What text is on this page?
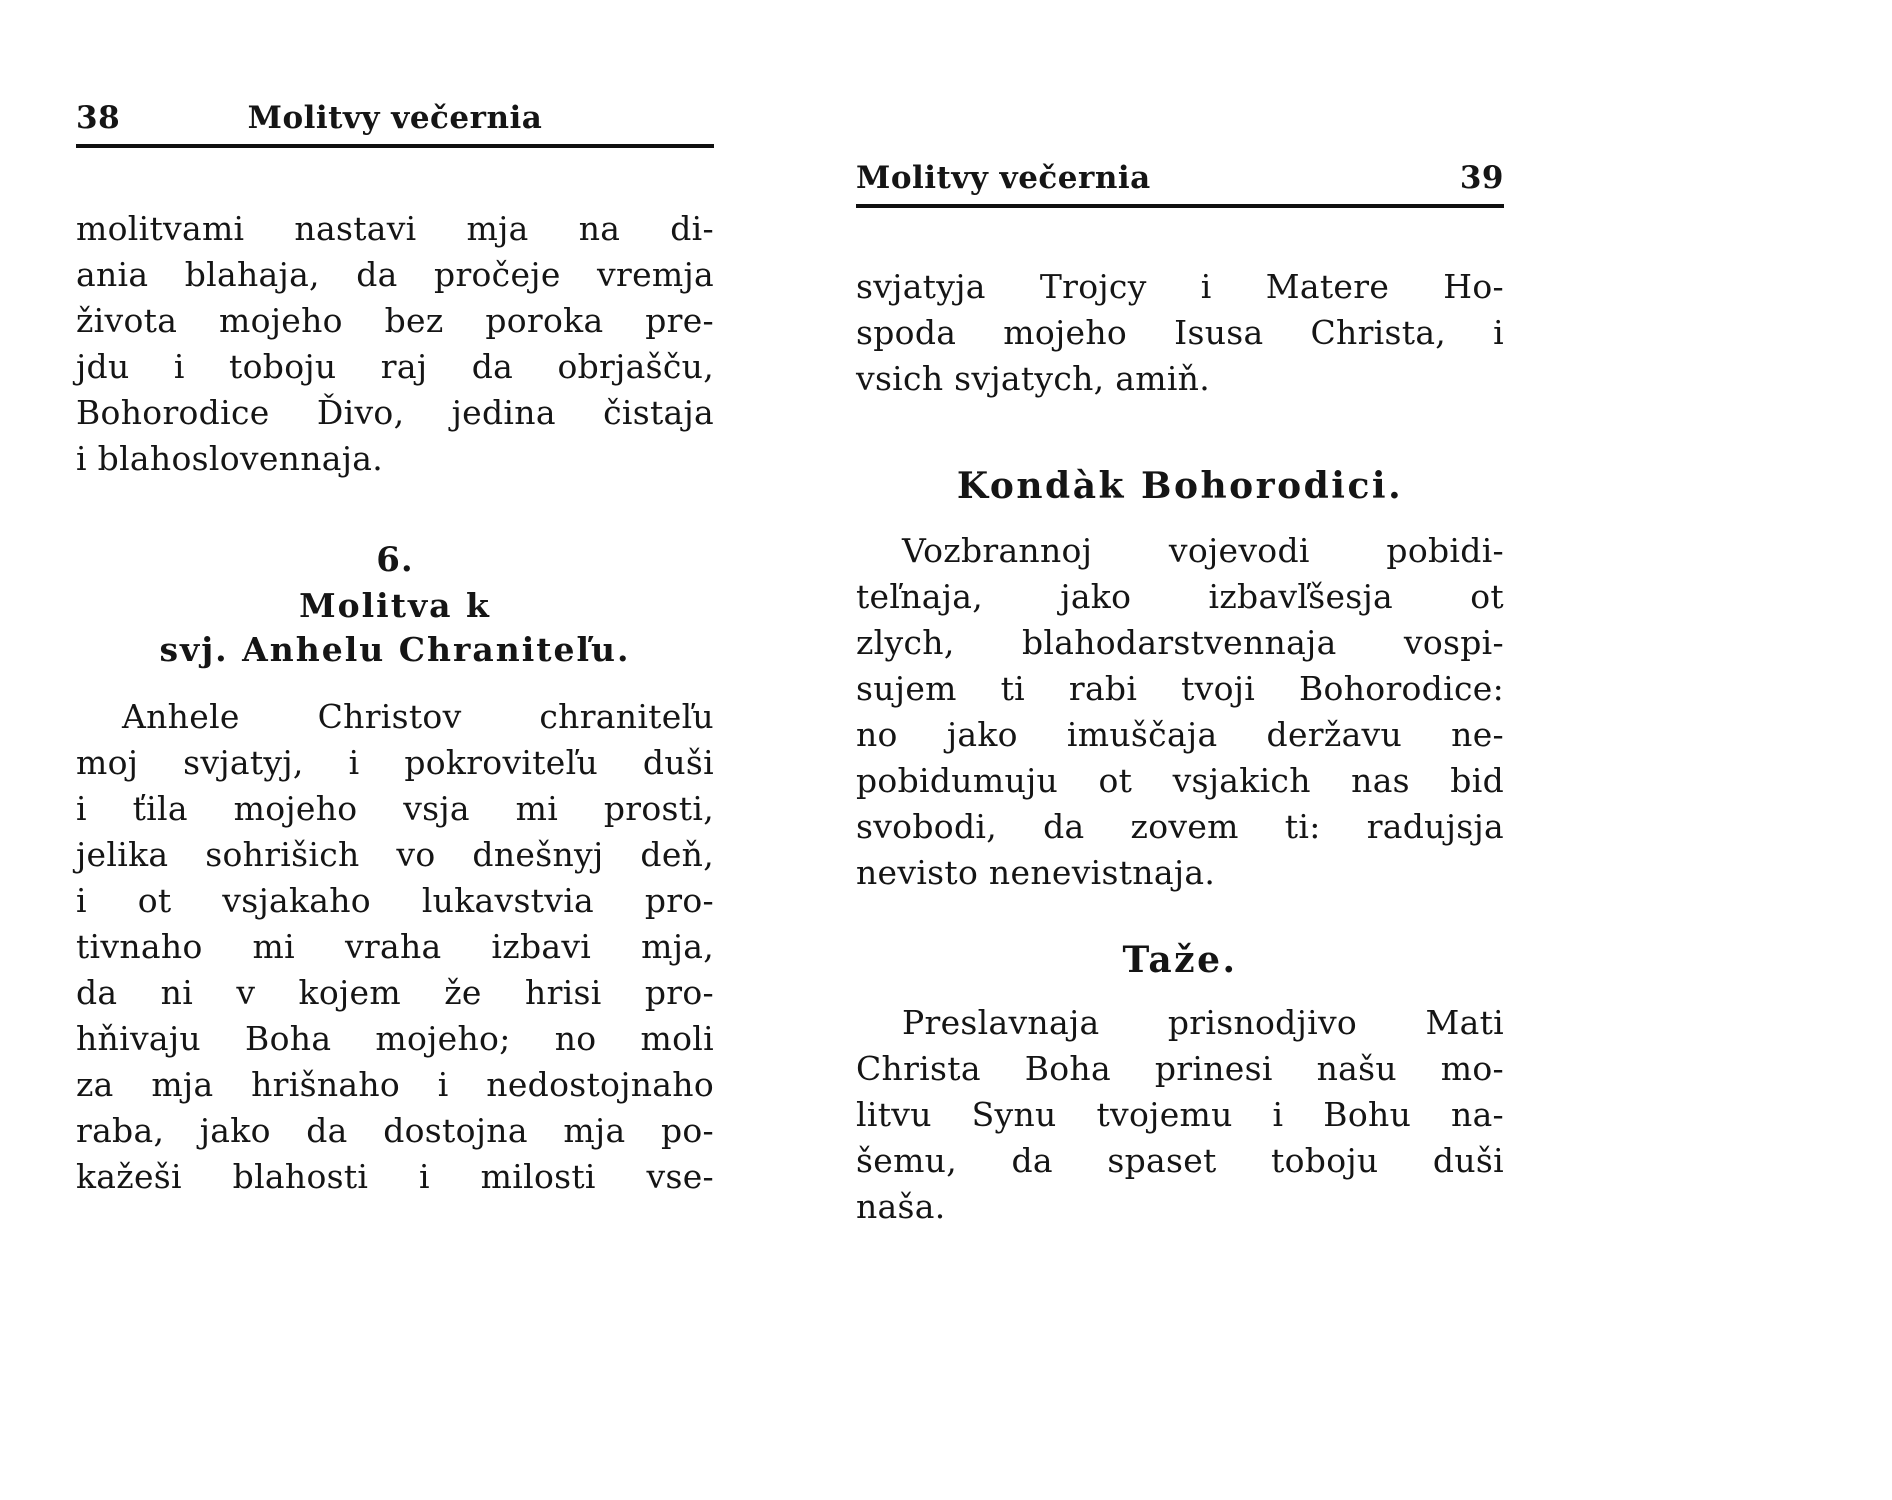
38	Molitvy večernia
molitvami nastavi mja na di-
ania blahaja, da pročeje vremja
života mojeho bez poroka pre-
jdu i toboju raj da obrjašču,
Bohorodice Ďivo, jedina čistaja
i blahoslovennaja.
6.
Molitva k
svj. Anhelu Chraniteľu.
Anhele Christov chraniteľu
moj svjatyj, i pokroviteľu duši
i ťila mojeho vsja mi prosti,
jelika sohrišich vo dnešnyj deň,
i ot vsjakaho lukavstvia pro-
tivnaho mi vraha izbavi mja,
da ni v kojem že hrisi pro-
hňivaju Boha mojeho; no moli
za mja hrišnaho i nedostojnaho
raba, jako da dostojna mja po-
kažeši blahosti i milosti vse-
Molitvy večernia	39
svjatyja Trojcy i Matere Ho-
spoda mojeho Isusa Christa, i
vsich svjatych, amiň.
Kondàk Bohorodici.
Vozbrannoj vojevodi pobidi-
teľnaja, jako izbavľšesja ot
zlych, blahodarstvennaja vospi-
sujem ti rabi tvoji Bohorodice:
no jako imuščaja deržavu ne-
pobidumuju ot vsjakich nas bid
svobodi, da zovem ti: radujsja
nevisto nenevistnaja.
Taže.
Preslavnaja prisnodjivo Mati
Christa Boha prinesi našu mo-
litvu Synu tvojemu i Bohu na-
šemu, da spaset toboju duši
naša.
